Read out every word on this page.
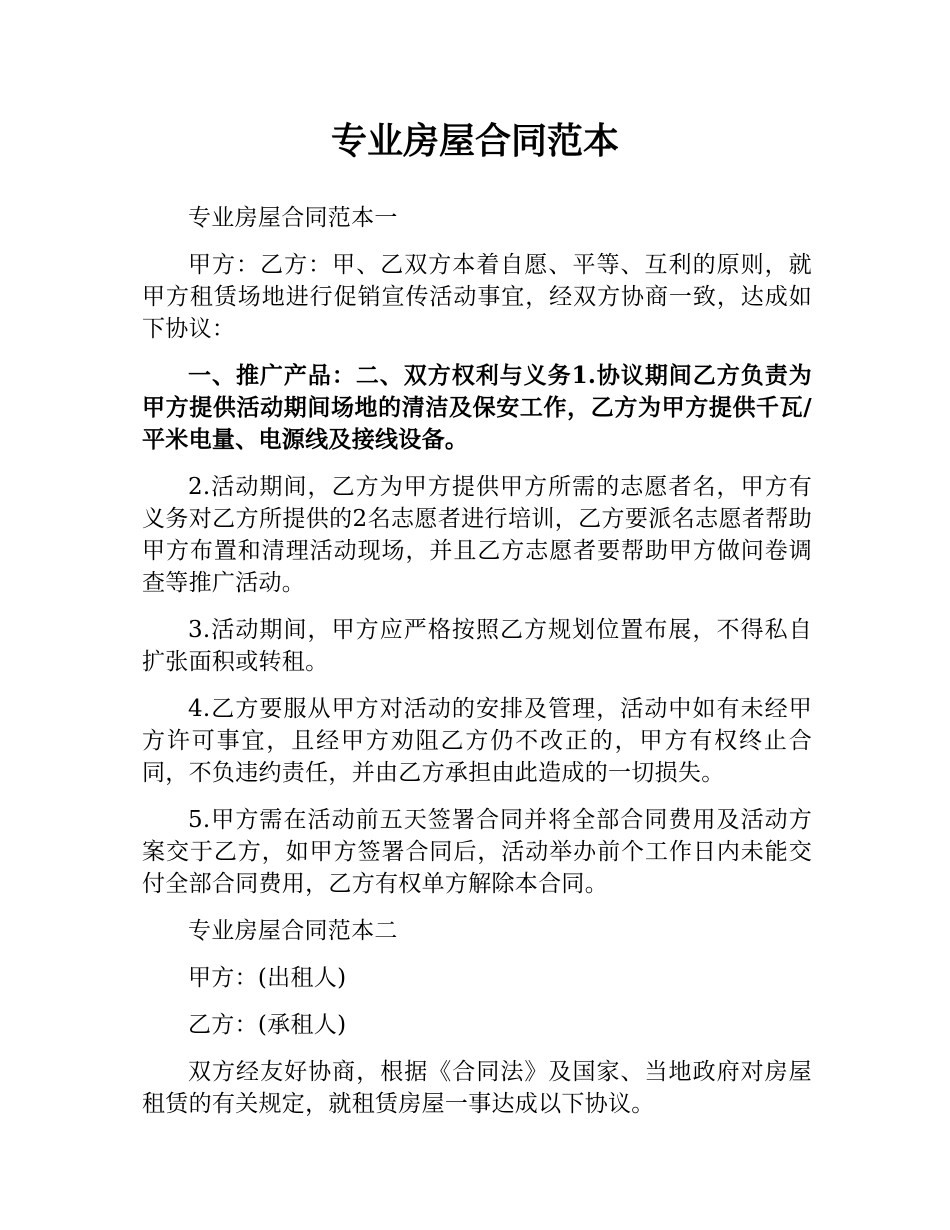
专业房屋合同范本

专业房屋合同范本一

甲方：乙方：甲、乙双方本着自愿、平等、互利的原则，就甲方租赁场地进行促销宣传活动事宜，经双方协商一致，达成如下协议：

一、推广产品：二、双方权利与义务1.协议期间乙方负责为甲方提供活动期间场地的清洁及保安工作，乙方为甲方提供千瓦/平米电量、电源线及接线设备。

2.活动期间，乙方为甲方提供甲方所需的志愿者名，甲方有义务对乙方所提供的2名志愿者进行培训，乙方要派名志愿者帮助甲方布置和清理活动现场，并且乙方志愿者要帮助甲方做问卷调查等推广活动。

3.活动期间，甲方应严格按照乙方规划位置布展，不得私自扩张面积或转租。

4.乙方要服从甲方对活动的安排及管理，活动中如有未经甲方许可事宜，且经甲方劝阻乙方仍不改正的，甲方有权终止合同，不负违约责任，并由乙方承担由此造成的一切损失。

5.甲方需在活动前五天签署合同并将全部合同费用及活动方案交于乙方，如甲方签署合同后，活动举办前个工作日内未能交付全部合同费用，乙方有权单方解除本合同。

专业房屋合同范本二

甲方：(出租人)

乙方：(承租人)

双方经友好协商，根据《合同法》及国家、当地政府对房屋租赁的有关规定，就租赁房屋一事达成以下协议。
